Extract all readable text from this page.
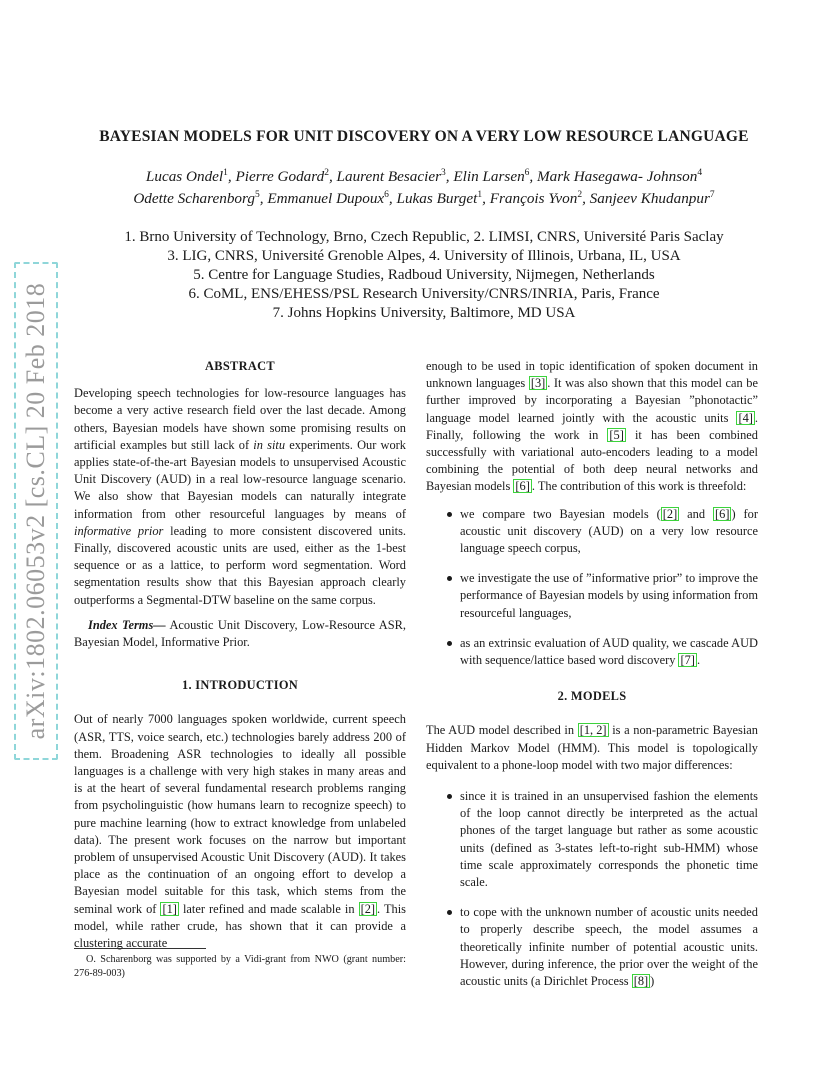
arXiv:1802.06053v2 [cs.CL] 20 Feb 2018
BAYESIAN MODELS FOR UNIT DISCOVERY ON A VERY LOW RESOURCE LANGUAGE
Lucas Ondel$^1$, Pierre Godard$^2$, Laurent Besacier$^3$, Elin Larsen$^6$, Mark Hasegawa- Johnson$^4$
Odette Scharenborg$^5$, Emmanuel Dupoux$^6$, Lukas Burget$^1$, François Yvon$^2$, Sanjeev Khudanpur$^7$
1. Brno University of Technology, Brno, Czech Republic, 2. LIMSI, CNRS, Université Paris Saclay
3. LIG, CNRS, Université Grenoble Alpes, 4. University of Illinois, Urbana, IL, USA
5. Centre for Language Studies, Radboud University, Nijmegen, Netherlands
6. CoML, ENS/EHESS/PSL Research University/CNRS/INRIA, Paris, France
7. Johns Hopkins University, Baltimore, MD USA
ABSTRACT

Developing speech technologies for low-resource languages has become a very active research field over the last decade. Among others, Bayesian models have shown some promising results on artificial examples but still lack of in situ experiments. Our work applies state-of-the-art Bayesian models to unsupervised Acoustic Unit Discovery (AUD) in a real low-resource language scenario. We also show that Bayesian models can naturally integrate information from other resourceful languages by means of informative prior leading to more consistent discovered units. Finally, discovered acoustic units are used, either as the 1-best sequence or as a lattice, to perform word segmentation. Word segmentation results show that this Bayesian approach clearly outperforms a Segmental-DTW baseline on the same corpus.

Index Terms— Acoustic Unit Discovery, Low-Resource ASR, Bayesian Model, Informative Prior.

1. INTRODUCTION

Out of nearly 7000 languages spoken worldwide, current speech (ASR, TTS, voice search, etc.) technologies barely address 200 of them. Broadening ASR technologies to ideally all possible languages is a challenge with very high stakes in many areas and is at the heart of several fundamental research problems ranging from psycholinguistic (how humans learn to recognize speech) to pure machine learning (how to extract knowledge from unlabeled data). The present work focuses on the narrow but important problem of unsupervised Acoustic Unit Discovery (AUD). It takes place as the continuation of an ongoing effort to develop a Bayesian model suitable for this task, which stems from the seminal work of [1] later refined and made scalable in [2] . This model, while rather crude, has shown that it can provide a clustering accurate

enough to be used in topic identification of spoken document in unknown languages [3] . It was also shown that this model can be further improved by incorporating a Bayesian ”phonotactic” language model learned jointly with the acoustic units [4] . Finally, following the work in [5] it has been combined successfully with variational auto-encoders leading to a model combining the potential of both deep neural networks and Bayesian models [6] . The contribution of this work is threefold:

we compare two Bayesian models ( [2] and [6] ) for acoustic unit discovery (AUD) on a very low resource language speech corpus,
we investigate the use of ”informative prior” to improve the performance of Bayesian models by using information from resourceful languages,
as an extrinsic evaluation of AUD quality, we cascade AUD with sequence/lattice based word discovery [7] .
2. MODELS

The AUD model described in [1, 2] is a non-parametric Bayesian Hidden Markov Model (HMM). This model is topologically equivalent to a phone-loop model with two major differences:

since it is trained in an unsupervised fashion the elements of the loop cannot directly be interpreted as the actual phones of the target language but rather as some acoustic units (defined as 3-states left-to-right sub-HMM) whose time scale approximately corresponds the phonetic time scale.
to cope with the unknown number of acoustic units needed to properly describe speech, the model assumes a theoretically infinite number of potential acoustic units. However, during inference, the prior over the weight of the acoustic units (a Dirichlet Process [8] )
O. Scharenborg was supported by a Vidi-grant from NWO (grant number: 276-89-003)
